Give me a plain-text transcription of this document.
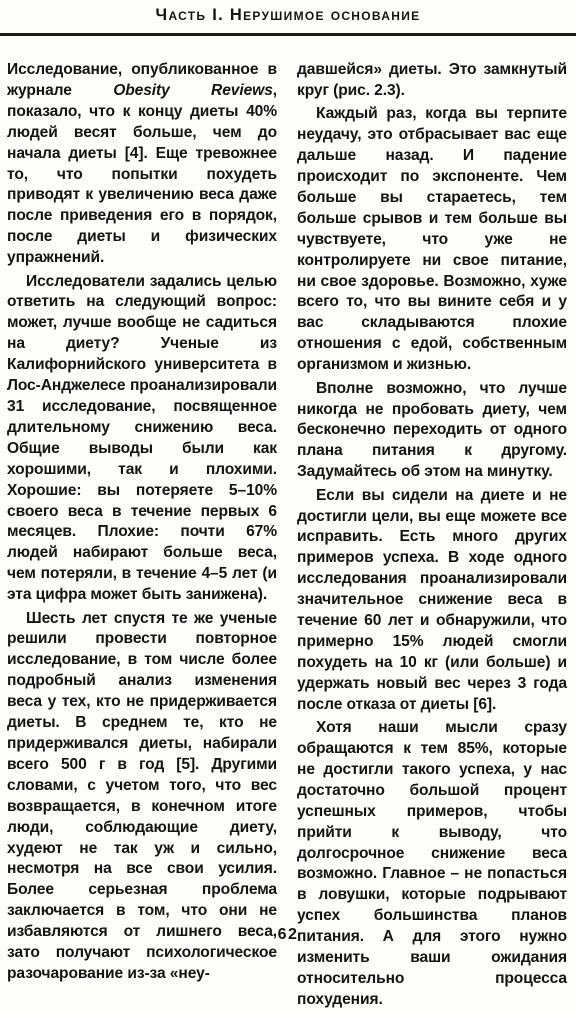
Часть I. Нерушимое основание

Исследование, опубликованное в журнале Obesity Reviews, показало, что к концу диеты 40% людей весят больше, чем до начала диеты [4]. Еще тревожнее то, что попытки похудеть приводят к увеличению веса даже после приведения его в порядок, после диеты и физических упражнений.

Исследователи задались целью ответить на следующий вопрос: может, лучше вообще не садиться на диету? Ученые из Калифорнийского университета в Лос-Анджелесе проанализировали 31 исследование, посвященное длительному снижению веса. Общие выводы были как хорошими, так и плохими. Хорошие: вы потеряете 5–10% своего веса в течение первых 6 месяцев. Плохие: почти 67% людей набирают больше веса, чем потеряли, в течение 4–5 лет (и эта цифра может быть занижена).

Шесть лет спустя те же ученые решили провести повторное исследование, в том числе более подробный анализ изменения веса у тех, кто не придерживается диеты. В среднем те, кто не придерживался диеты, набирали всего 500 г в год [5]. Другими словами, с учетом того, что вес возвращается, в конечном итоге люди, соблюдающие диету, худеют не так уж и сильно, несмотря на все свои усилия. Более серьезная проблема заключается в том, что они не избавляются от лишнего веса, зато получают психологическое разочарование из-за «неу-

давшейся» диеты. Это замкнутый круг (рис. 2.3).

Каждый раз, когда вы терпите неудачу, это отбрасывает вас еще дальше назад. И падение происходит по экспоненте. Чем больше вы стараетесь, тем больше срывов и тем больше вы чувствуете, что уже не контролируете ни свое питание, ни свое здоровье. Возможно, хуже всего то, что вы вините себя и у вас складываются плохие отношения с едой, собственным организмом и жизнью.

Вполне возможно, что лучше никогда не пробовать диету, чем бесконечно переходить от одного плана питания к другому. Задумайтесь об этом на минутку.

Если вы сидели на диете и не достигли цели, вы еще можете все исправить. Есть много других примеров успеха. В ходе одного исследования проанализировали значительное снижение веса в течение 60 лет и обнаружили, что примерно 15% людей смогли похудеть на 10 кг (или больше) и удержать новый вес через 3 года после отказа от диеты [6].

Хотя наши мысли сразу обращаются к тем 85%, которые не достигли такого успеха, у нас достаточно большой процент успешных примеров, чтобы прийти к выводу, что долгосрочное снижение веса возможно. Главное – не попасться в ловушки, которые подрывают успех большинства планов питания. А для этого нужно изменить ваши ожидания относительно процесса похудения.

62
